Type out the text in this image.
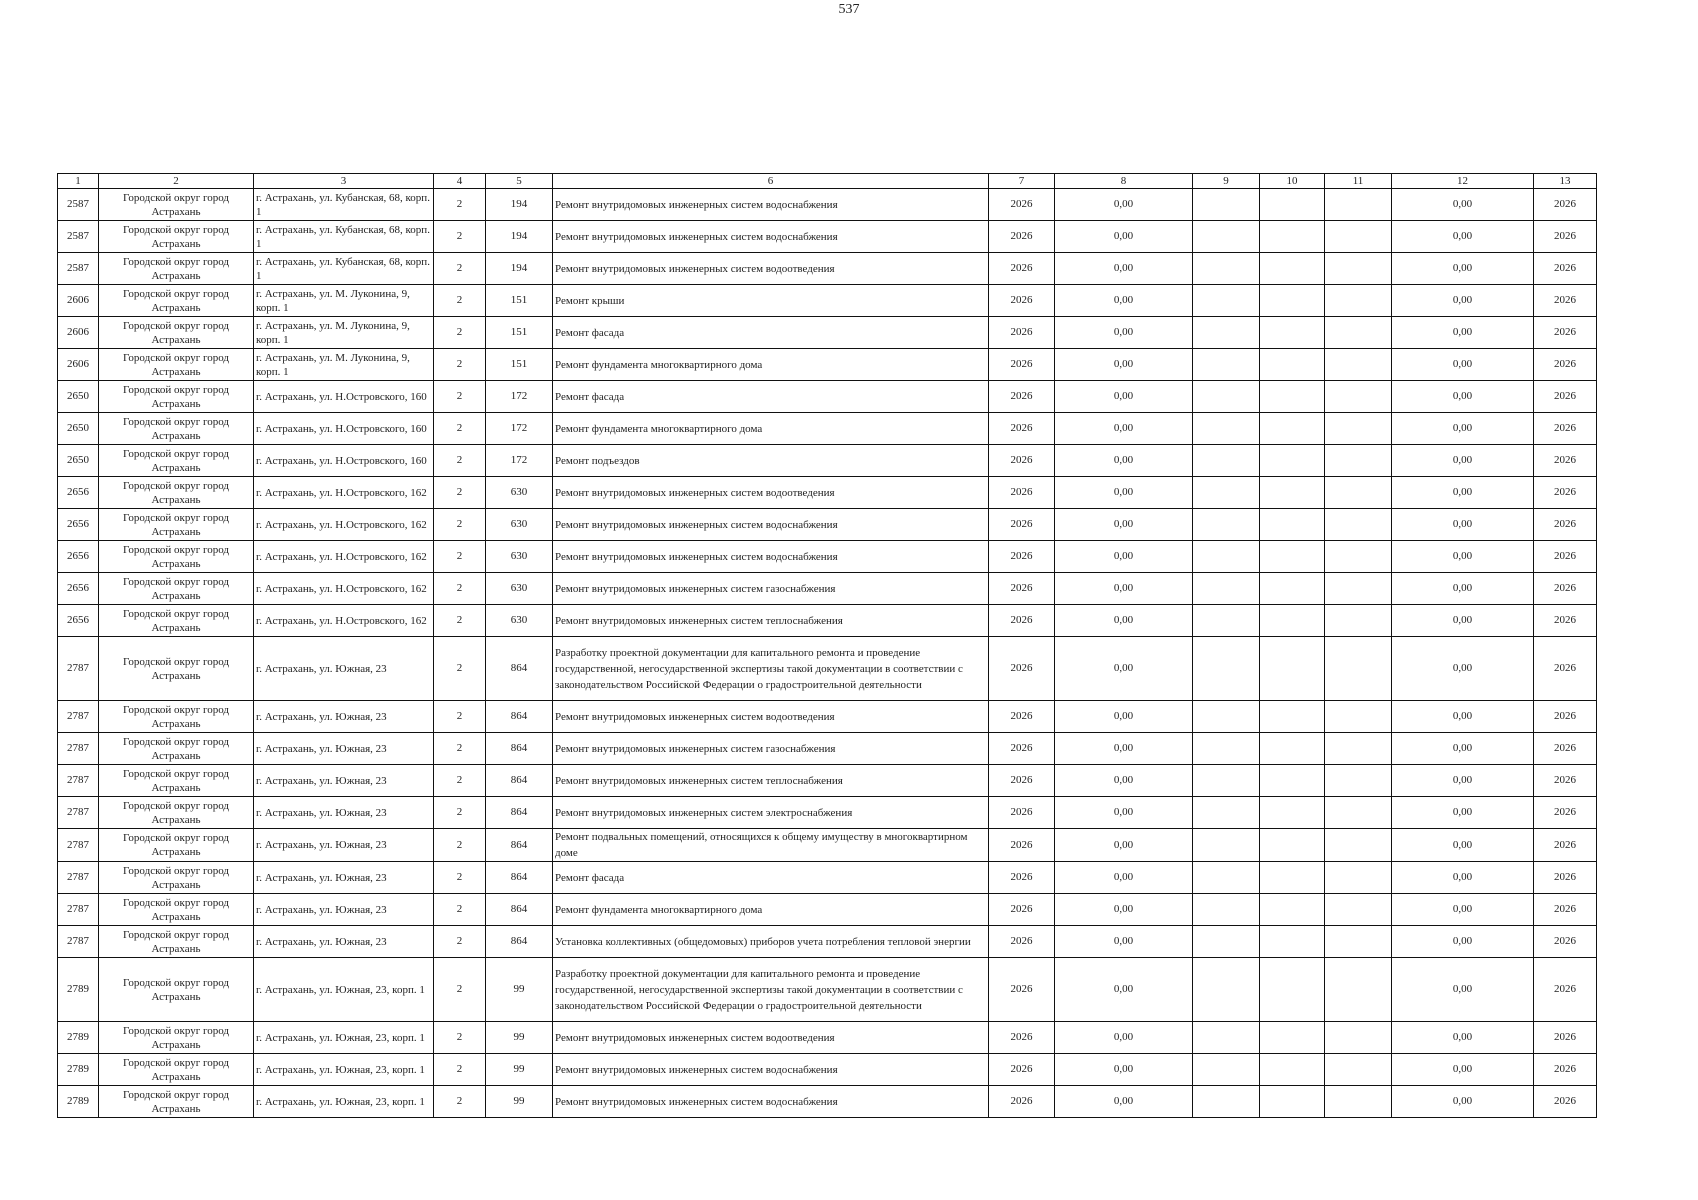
537
1	2	3	4	5	6	7	8	9	10	11	12	13
2587	Городской округ город Астрахань	г. Астрахань, ул. Кубанская, 68, корп. 1	2	194	Ремонт внутридомовых инженерных систем водоснабжения	2026	0,00				0,00	2026
2587	Городской округ город Астрахань	г. Астрахань, ул. Кубанская, 68, корп. 1	2	194	Ремонт внутридомовых инженерных систем водоснабжения	2026	0,00				0,00	2026
2587	Городской округ город Астрахань	г. Астрахань, ул. Кубанская, 68, корп. 1	2	194	Ремонт внутридомовых инженерных систем водоотведения	2026	0,00				0,00	2026
2606	Городской округ город Астрахань	г. Астрахань, ул. М. Луконина, 9, корп. 1	2	151	Ремонт крыши	2026	0,00				0,00	2026
2606	Городской округ город Астрахань	г. Астрахань, ул. М. Луконина, 9, корп. 1	2	151	Ремонт фасада	2026	0,00				0,00	2026
2606	Городской округ город Астрахань	г. Астрахань, ул. М. Луконина, 9, корп. 1	2	151	Ремонт фундамента многоквартирного дома	2026	0,00				0,00	2026
2650	Городской округ город Астрахань	г. Астрахань, ул. Н.Островского, 160	2	172	Ремонт фасада	2026	0,00				0,00	2026
2650	Городской округ город Астрахань	г. Астрахань, ул. Н.Островского, 160	2	172	Ремонт фундамента многоквартирного дома	2026	0,00				0,00	2026
2650	Городской округ город Астрахань	г. Астрахань, ул. Н.Островского, 160	2	172	Ремонт подъездов	2026	0,00				0,00	2026
2656	Городской округ город Астрахань	г. Астрахань, ул. Н.Островского, 162	2	630	Ремонт внутридомовых инженерных систем водоотведения	2026	0,00				0,00	2026
2656	Городской округ город Астрахань	г. Астрахань, ул. Н.Островского, 162	2	630	Ремонт внутридомовых инженерных систем водоснабжения	2026	0,00				0,00	2026
2656	Городской округ город Астрахань	г. Астрахань, ул. Н.Островского, 162	2	630	Ремонт внутридомовых инженерных систем водоснабжения	2026	0,00				0,00	2026
2656	Городской округ город Астрахань	г. Астрахань, ул. Н.Островского, 162	2	630	Ремонт внутридомовых инженерных систем газоснабжения	2026	0,00				0,00	2026
2656	Городской округ город Астрахань	г. Астрахань, ул. Н.Островского, 162	2	630	Ремонт внутридомовых инженерных систем теплоснабжения	2026	0,00				0,00	2026
2787	Городской округ город Астрахань	г. Астрахань, ул. Южная, 23	2	864	Разработку проектной документации для капитального ремонта и проведение государственной, негосударственной экспертизы такой документации в соответствии с законодательством Российской Федерации о градостроительной деятельности	2026	0,00				0,00	2026
2787	Городской округ город Астрахань	г. Астрахань, ул. Южная, 23	2	864	Ремонт внутридомовых инженерных систем водоотведения	2026	0,00				0,00	2026
2787	Городской округ город Астрахань	г. Астрахань, ул. Южная, 23	2	864	Ремонт внутридомовых инженерных систем газоснабжения	2026	0,00				0,00	2026
2787	Городской округ город Астрахань	г. Астрахань, ул. Южная, 23	2	864	Ремонт внутридомовых инженерных систем теплоснабжения	2026	0,00				0,00	2026
2787	Городской округ город Астрахань	г. Астрахань, ул. Южная, 23	2	864	Ремонт внутридомовых инженерных систем электроснабжения	2026	0,00				0,00	2026
2787	Городской округ город Астрахань	г. Астрахань, ул. Южная, 23	2	864	Ремонт подвальных помещений, относящихся к общему имуществу в многоквартирном доме	2026	0,00				0,00	2026
2787	Городской округ город Астрахань	г. Астрахань, ул. Южная, 23	2	864	Ремонт фасада	2026	0,00				0,00	2026
2787	Городской округ город Астрахань	г. Астрахань, ул. Южная, 23	2	864	Ремонт фундамента многоквартирного дома	2026	0,00				0,00	2026
2787	Городской округ город Астрахань	г. Астрахань, ул. Южная, 23	2	864	Установка коллективных (общедомовых) приборов учета потребления тепловой энергии	2026	0,00				0,00	2026
2789	Городской округ город Астрахань	г. Астрахань, ул. Южная, 23, корп. 1	2	99	Разработку проектной документации для капитального ремонта и проведение государственной, негосударственной экспертизы такой документации в соответствии с законодательством Российской Федерации о градостроительной деятельности	2026	0,00				0,00	2026
2789	Городской округ город Астрахань	г. Астрахань, ул. Южная, 23, корп. 1	2	99	Ремонт внутридомовых инженерных систем водоотведения	2026	0,00				0,00	2026
2789	Городской округ город Астрахань	г. Астрахань, ул. Южная, 23, корп. 1	2	99	Ремонт внутридомовых инженерных систем водоснабжения	2026	0,00				0,00	2026
2789	Городской округ город Астрахань	г. Астрахань, ул. Южная, 23, корп. 1	2	99	Ремонт внутридомовых инженерных систем водоснабжения	2026	0,00				0,00	2026
